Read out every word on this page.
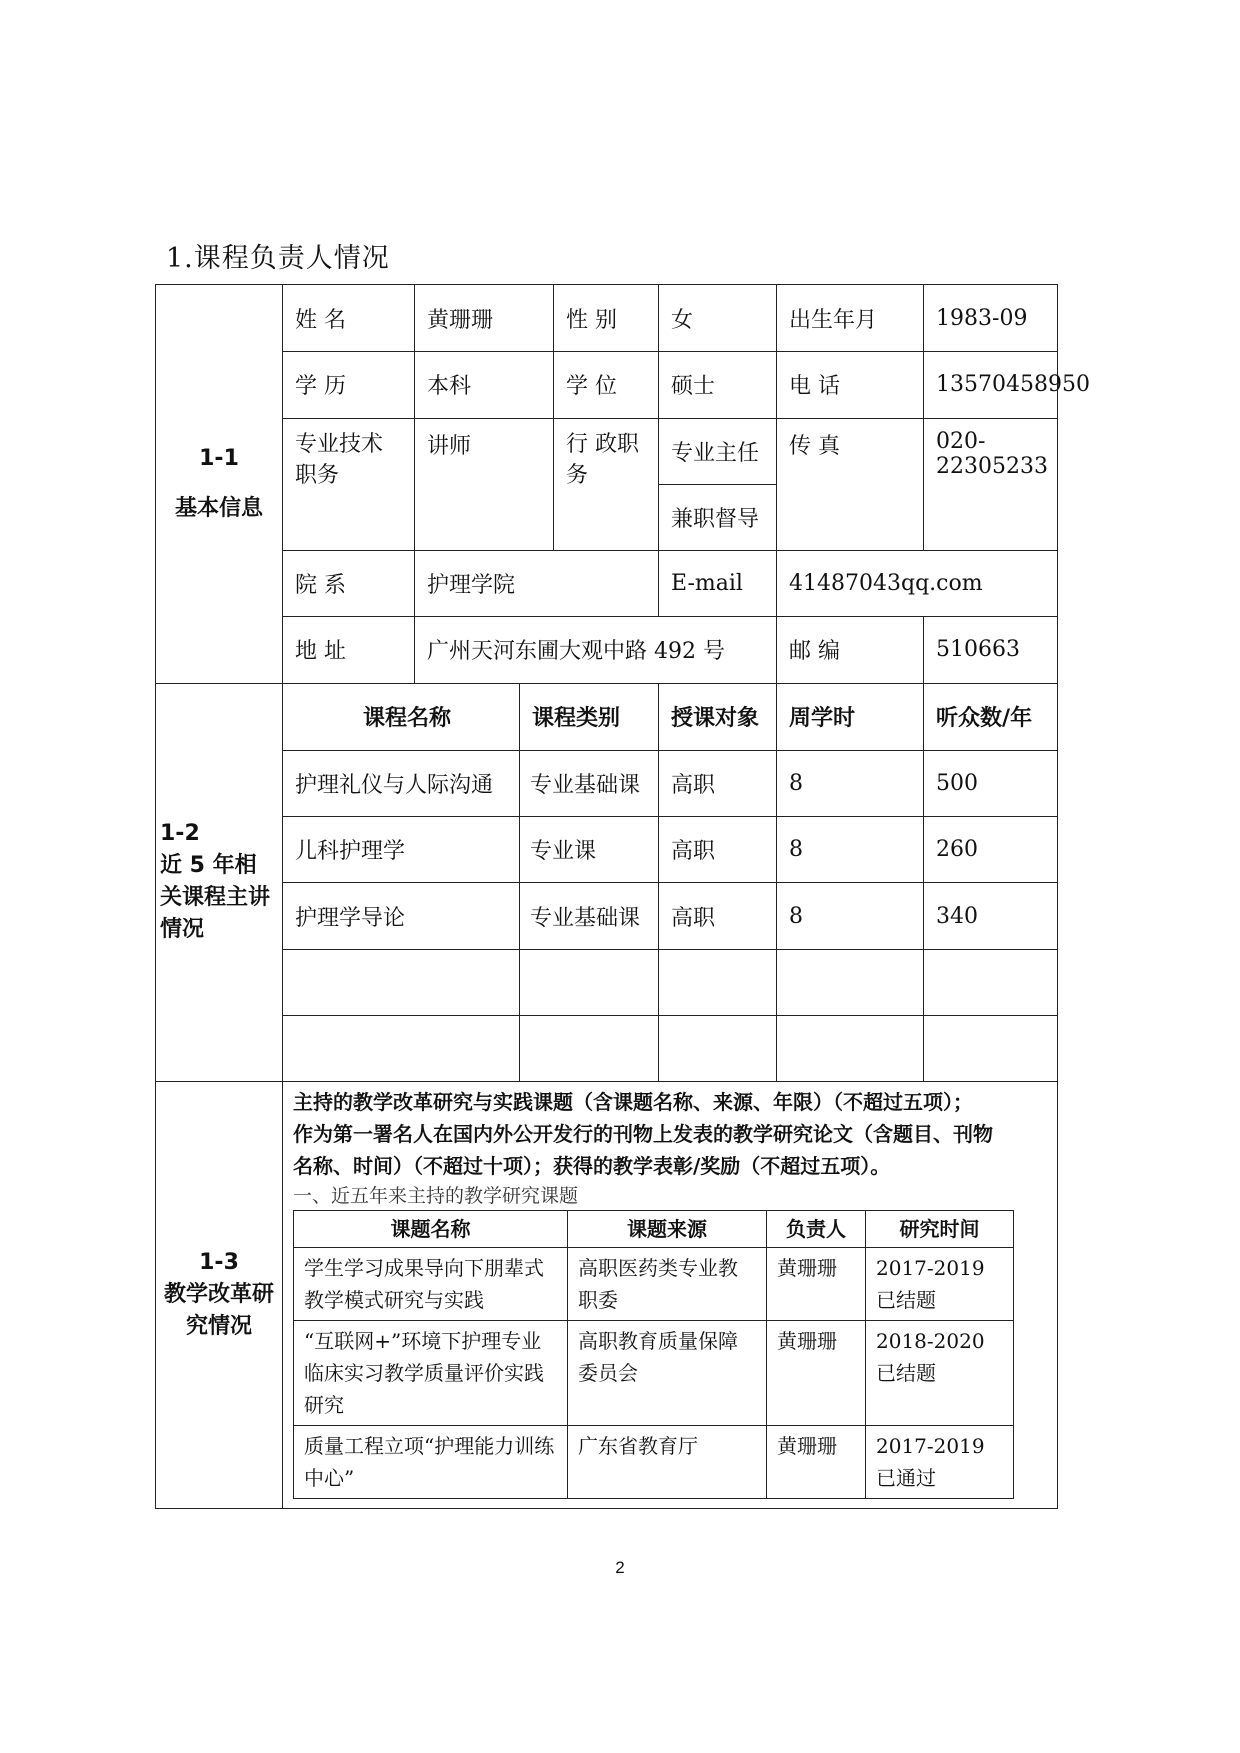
1.课程负责人情况
1-1
基本信息
	姓 名	黄珊珊	性 别	女	出生年月	1983-09
学 历	本科	学 位	硕士	电 话	13570458950
专业技术职务	讲师	行 政职 务	专业主任	传 真	020-22305233
兼职督导
院 系	护理学院	E-mail	41487043qq.com
地 址	广州天河东圃大观中路 492 号	邮 编	510663

1-2
近 5 年相关课程主讲情况
	课程名称	课程类别	授课对象	周学时	听众数/年
护理礼仪与人际沟通	专业基础课	高职	8	500
儿科护理学	专业课	高职	8	260
护理学导论	专业基础课	高职	8	340

1-3
教学改革研究情况

主持的教学改革研究与实践课题（含课题名称、来源、年限）（不超过五项）；
作为第一署名人在国内外公开发行的刊物上发表的教学研究论文（含题目、刊物
名称、时间）（不超过十项）；获得的教学表彰/奖励（不超过五项）。
一、近五年来主持的教学研究课题
课题名称	课题来源	负责人	研究时间
学生学习成果导向下朋辈式教学模式研究与实践	高职医药类专业教职委	黄珊珊	2017-2019
已结题

“互联网+”环境下护理专业临床实习教学质量评价实践研究	高职教育质量保障委员会	黄珊珊	2018-2020
已结题

质量工程立项“护理能力训练中心”	广东省教育厅	黄珊珊	2017-2019
已通过
2
